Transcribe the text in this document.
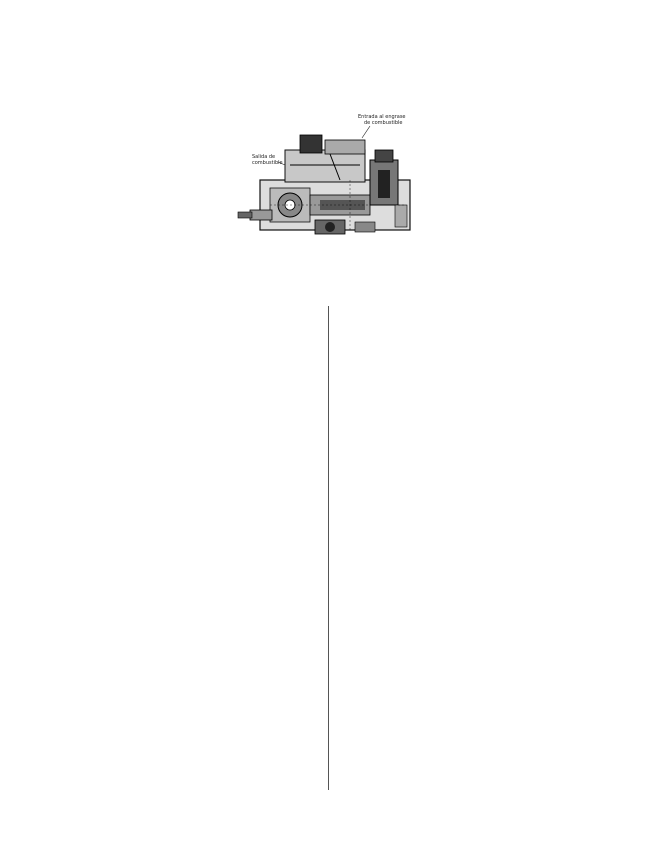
Entrada al engrase
de combustible
Salida de
combustible
